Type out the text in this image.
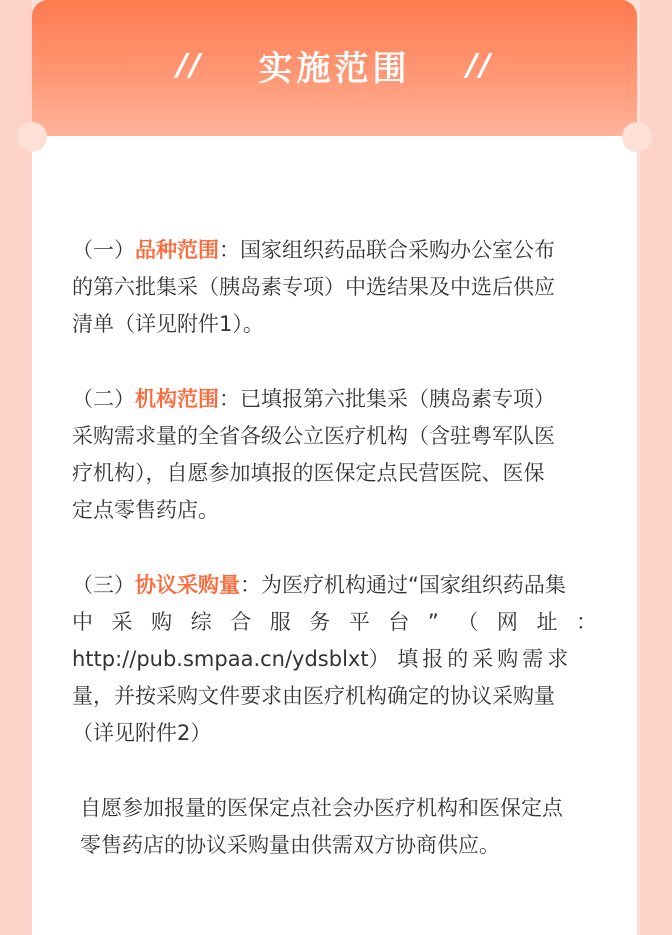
// 实施范围 //
（一）品种范围：国家组织药品联合采购办公室公布
的第六批集采（胰岛素专项）中选结果及中选后供应
清单（详见附件1）。
（二）机构范围：已填报第六批集采（胰岛素专项）
采购需求量的全省各级公立医疗机构（含驻粤军队医
疗机构），自愿参加填报的医保定点民营医院、医保
定点零售药店。
（三）协议采购量：为医疗机构通过“国家组织药品集
中 采 购 综 合 服 务 平 台 ” （ 网 址 ：
http://pub.smpaa.cn/ydsblxt） 填报的采购需求
量，并按采购文件要求由医疗机构确定的协议采购量
（详见附件2）
自愿参加报量的医保定点社会办医疗机构和医保定点
零售药店的协议采购量由供需双方协商供应。
